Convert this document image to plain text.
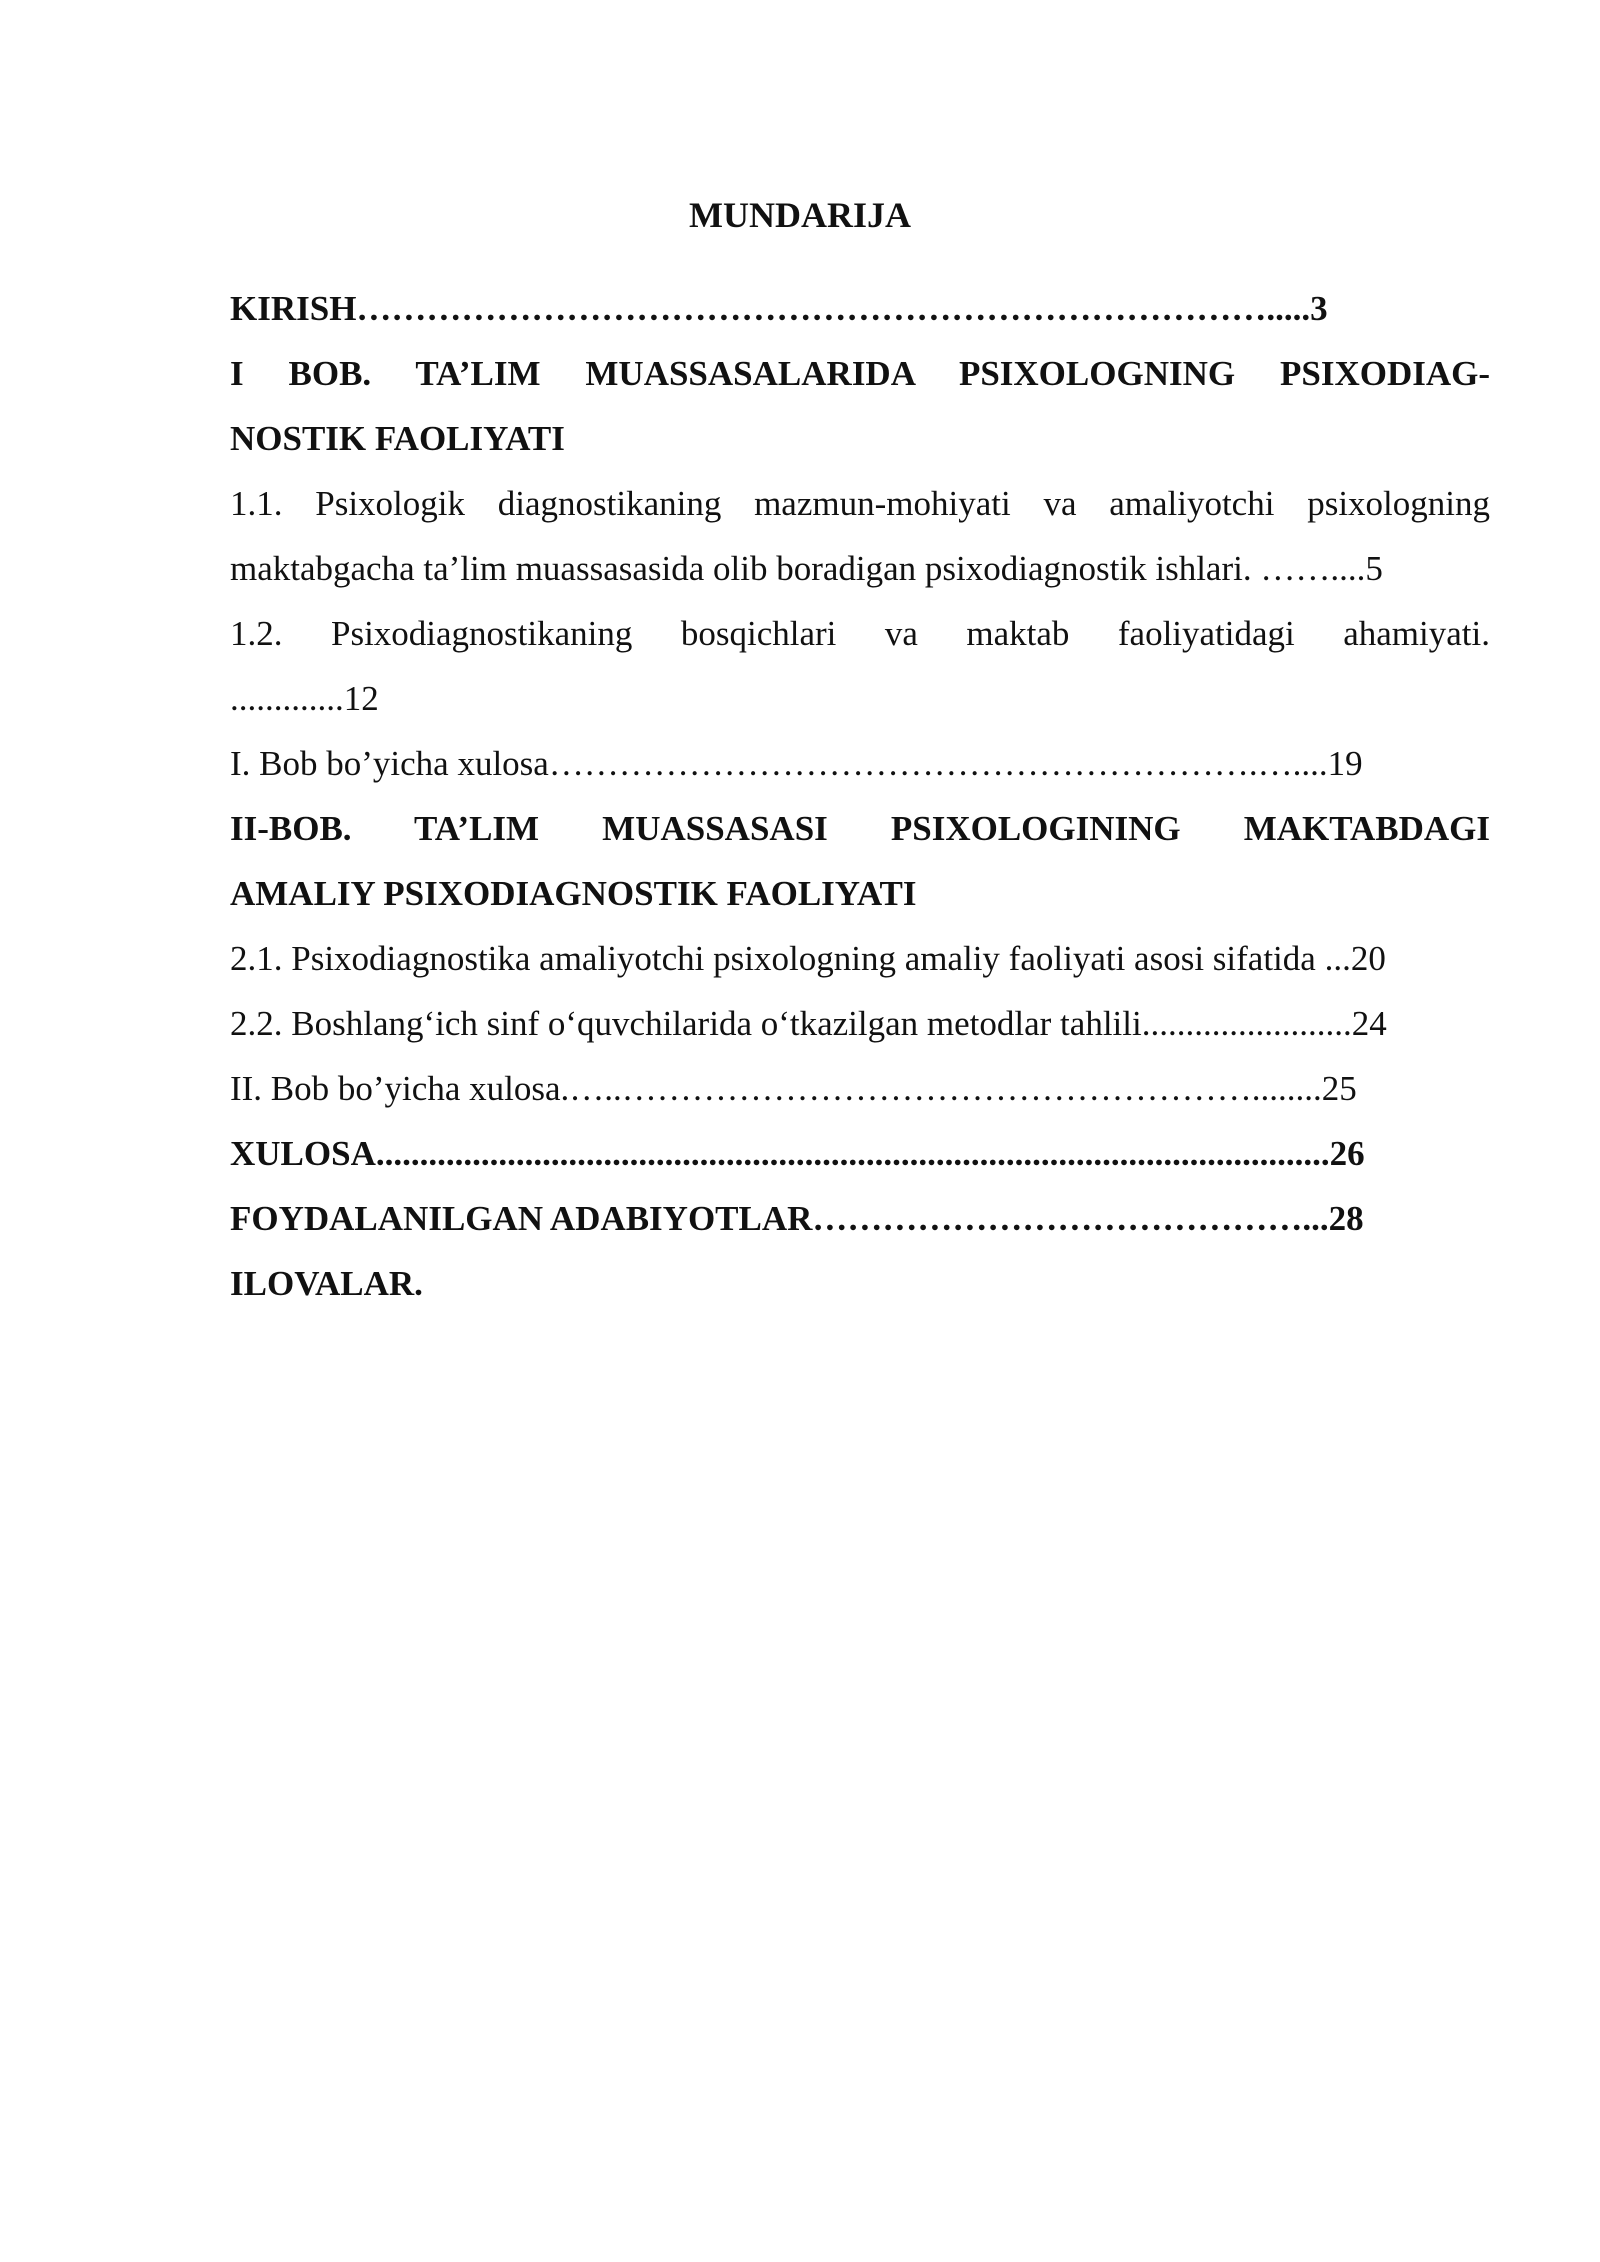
MUNDARIJA
KIRISH…………………………………………………………………….....3
I BOB. TA’LIM MUASSASALARIDA PSIXOLOGNING PSIXODIAG-
NOSTIK FAOLIYATI
1.1. Psixologik diagnostikaning mazmun-mohiyati va amaliyotchi psixologning
maktabgacha ta’lim muassasasida olib boradigan psixodiagnostik ishlari. ……....5
1.2. Psixodiagnostikaning bosqichlari va maktab faoliyatidagi ahamiyati.
.............12
I. Bob bo’yicha xulosa…………………………………………………….…....19
II-BOB. TA’LIM MUASSASASI PSIXOLOGINING MAKTABDAGI
AMALIY PSIXODIAGNOSTIK FAOLIYATI
2.1. Psixodiagnostika amaliyotchi psixologning amaliy faoliyati asosi sifatida ...20
2.2. Boshlang‘ich sinf o‘quvchilarida o‘tkazilgan metodlar tahlili........................24
II. Bob bo’yicha xulosa.…..………………………………………………........25
XULOSA.............................................................................................................26
FOYDALANILGAN ADABIYOTLAR……………………………………...28
ILOVALAR.
